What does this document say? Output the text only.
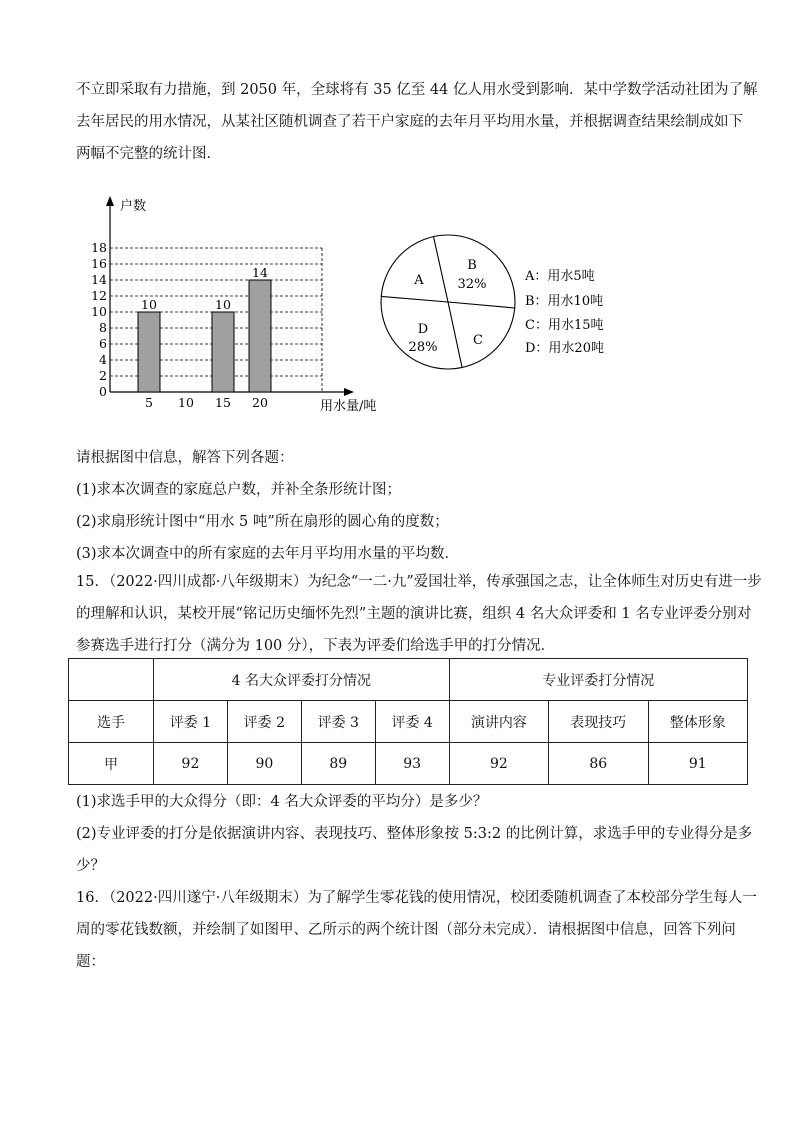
不立即采取有力措施，到 2050 年，全球将有 35 亿至 44 亿人用水受到影响．某中学数学活动社团为了解
去年居民的用水情况，从某社区随机调查了若干户家庭的去年月平均用水量，并根据调查结果绘制成如下
两幅不完整的统计图．
户数
用水量/吨
0
2
4
6
8
10
12
14
16
18
10	10
14
5 10 15 20
A
B
32%
C
D
28%
A：用水5吨
B：用水10吨
C：用水15吨
D：用水20吨
请根据图中信息，解答下列各题：
(1)求本次调查的家庭总户数，并补全条形统计图；
(2)求扇形统计图中“用水 5 吨”所在扇形的圆心角的度数；
(3)求本次调查中的所有家庭的去年月平均用水量的平均数．
15．（2022·四川成都·八年级期末）为纪念“一二·九”爱国壮举，传承强国之志，让全体师生对历史有进一步
的理解和认识，某校开展“铭记历史缅怀先烈”主题的演讲比赛，组织 4 名大众评委和 1 名专业评委分别对
参赛选手进行打分（满分为 100 分），下表为评委们给选手甲的打分情况．
	4 名大众评委打分情况				专业评委打分情况		
选手	评委 1	评委 2	评委 3	评委 4	演讲内容	表现技巧	整体形象
甲	92	90	89	93	92	86	91
(1)求选手甲的大众得分（即：4 名大众评委的平均分）是多少？
(2)专业评委的打分是依据演讲内容、表现技巧、整体形象按 5:3:2 的比例计算，求选手甲的专业得分是多
少？
16．（2022·四川遂宁·八年级期末）为了解学生零花钱的使用情况，校团委随机调查了本校部分学生每人一
周的零花钱数额，并绘制了如图甲、乙所示的两个统计图（部分未完成）．请根据图中信息，回答下列问
题：
